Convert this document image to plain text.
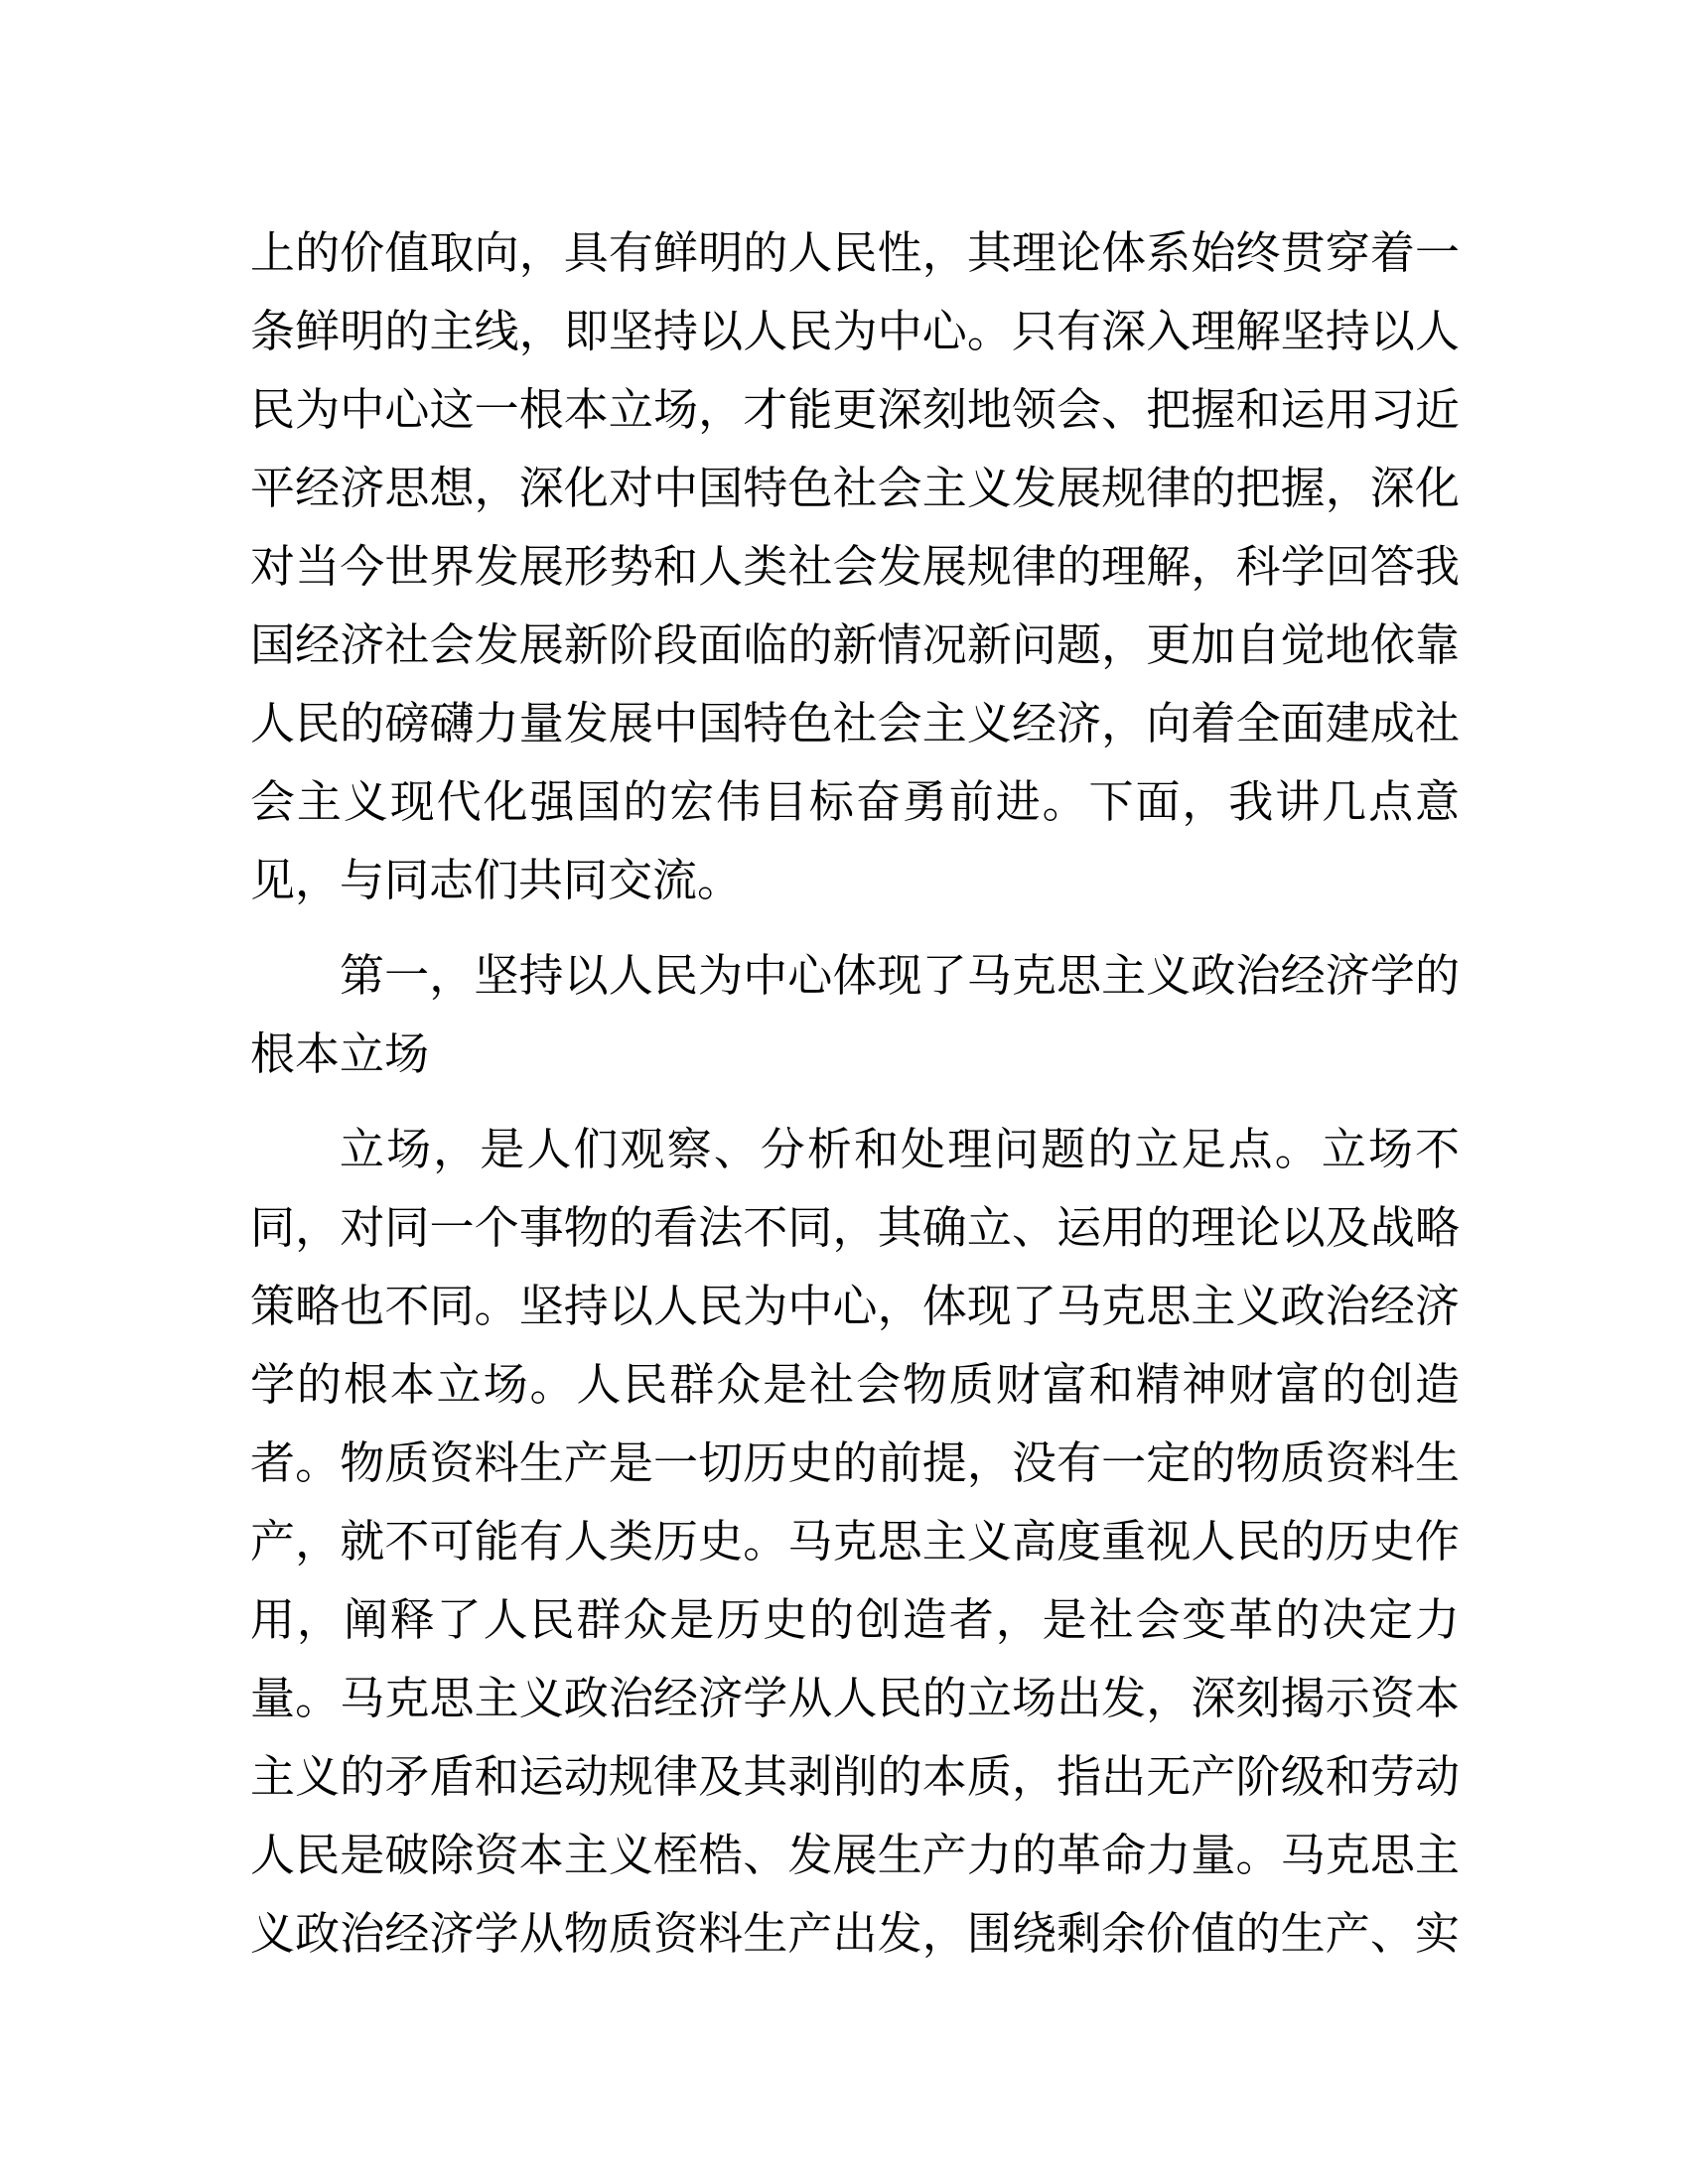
上的价值取向，具有鲜明的人民性，其理论体系始终贯穿着一
条鲜明的主线，即坚持以人民为中心。只有深入理解坚持以人
民为中心这一根本立场，才能更深刻地领会、把握和运用习近
平经济思想，深化对中国特色社会主义发展规律的把握，深化
对当今世界发展形势和人类社会发展规律的理解，科学回答我
国经济社会发展新阶段面临的新情况新问题，更加自觉地依靠
人民的磅礴力量发展中国特色社会主义经济，向着全面建成社
会主义现代化强国的宏伟目标奋勇前进。下面，我讲几点意
见，与同志们共同交流。
第一，坚持以人民为中心体现了马克思主义政治经济学的
根本立场
立场，是人们观察、分析和处理问题的立足点。立场不
同，对同一个事物的看法不同，其确立、运用的理论以及战略
策略也不同。坚持以人民为中心，体现了马克思主义政治经济
学的根本立场。人民群众是社会物质财富和精神财富的创造
者。物质资料生产是一切历史的前提，没有一定的物质资料生
产，就不可能有人类历史。马克思主义高度重视人民的历史作
用，阐释了人民群众是历史的创造者，是社会变革的决定力
量。马克思主义政治经济学从人民的立场出发，深刻揭示资本
主义的矛盾和运动规律及其剥削的本质，指出无产阶级和劳动
人民是破除资本主义桎梏、发展生产力的革命力量。马克思主
义政治经济学从物质资料生产出发，围绕剩余价值的生产、实
